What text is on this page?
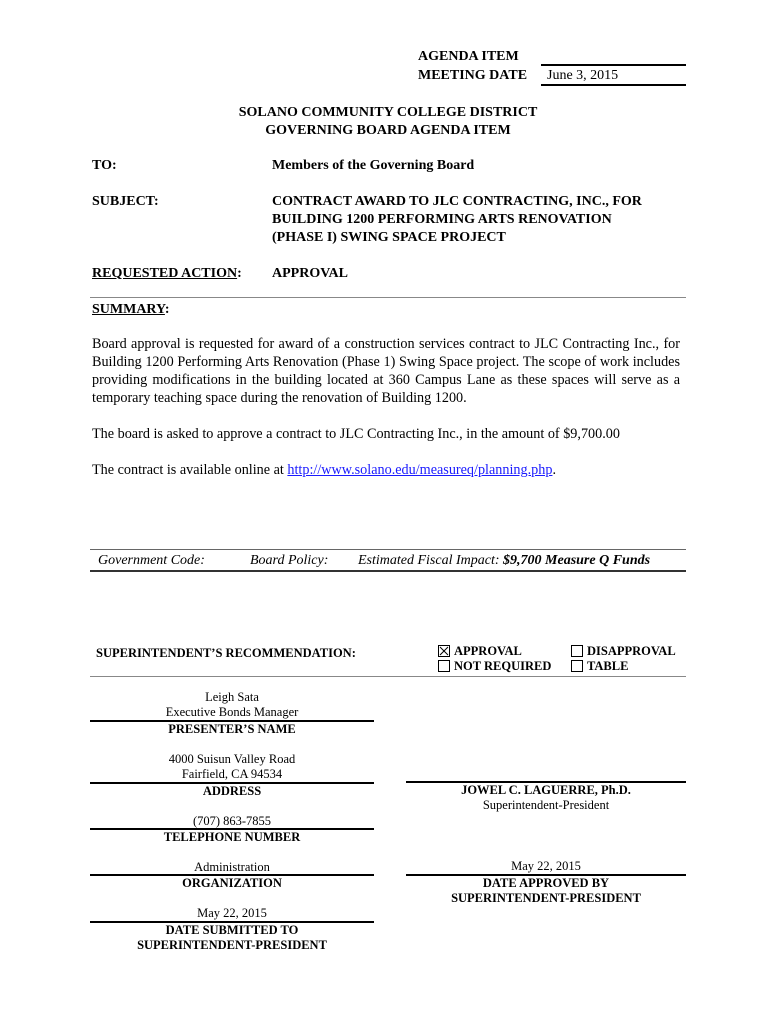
AGENDA ITEM
MEETING DATE June 3, 2015
SOLANO COMMUNITY COLLEGE DISTRICT
GOVERNING BOARD AGENDA ITEM
TO:	Members of the Governing Board
SUBJECT:	CONTRACT AWARD TO JLC CONTRACTING, INC., FOR
BUILDING 1200 PERFORMING ARTS RENOVATION
(PHASE I) SWING SPACE PROJECT
REQUESTED ACTION: APPROVAL
SUMMARY:
Board approval is requested for award of a construction services contract to JLC Contracting Inc., for Building 1200 Performing Arts Renovation (Phase 1) Swing Space project. The scope of work includes providing modifications in the building located at 360 Campus Lane as these spaces will serve as a temporary teaching space during the renovation of Building 1200.
The board is asked to approve a contract to JLC Contracting Inc., in the amount of $9,700.00
The contract is available online at http://www.solano.edu/measureq/planning.php.
Government Code:	Board Policy: Estimated Fiscal Impact: $9,700 Measure Q Funds
SUPERINTENDENT’S RECOMMENDATION:	APPROVAL	DISAPPROVAL
NOT REQUIRED	TABLE
Leigh Sata
Executive Bonds Manager
PRESENTER’S NAME
4000 Suisun Valley Road
Fairfield, CA 94534
ADDRESS
(707) 863-7855
TELEPHONE NUMBER
Administration
ORGANIZATION
May 22, 2015
DATE SUBMITTED TO
SUPERINTENDENT-PRESIDENT
JOWEL C. LAGUERRE, Ph.D.
Superintendent-President
May 22, 2015
DATE APPROVED BY
SUPERINTENDENT-PRESIDENT
